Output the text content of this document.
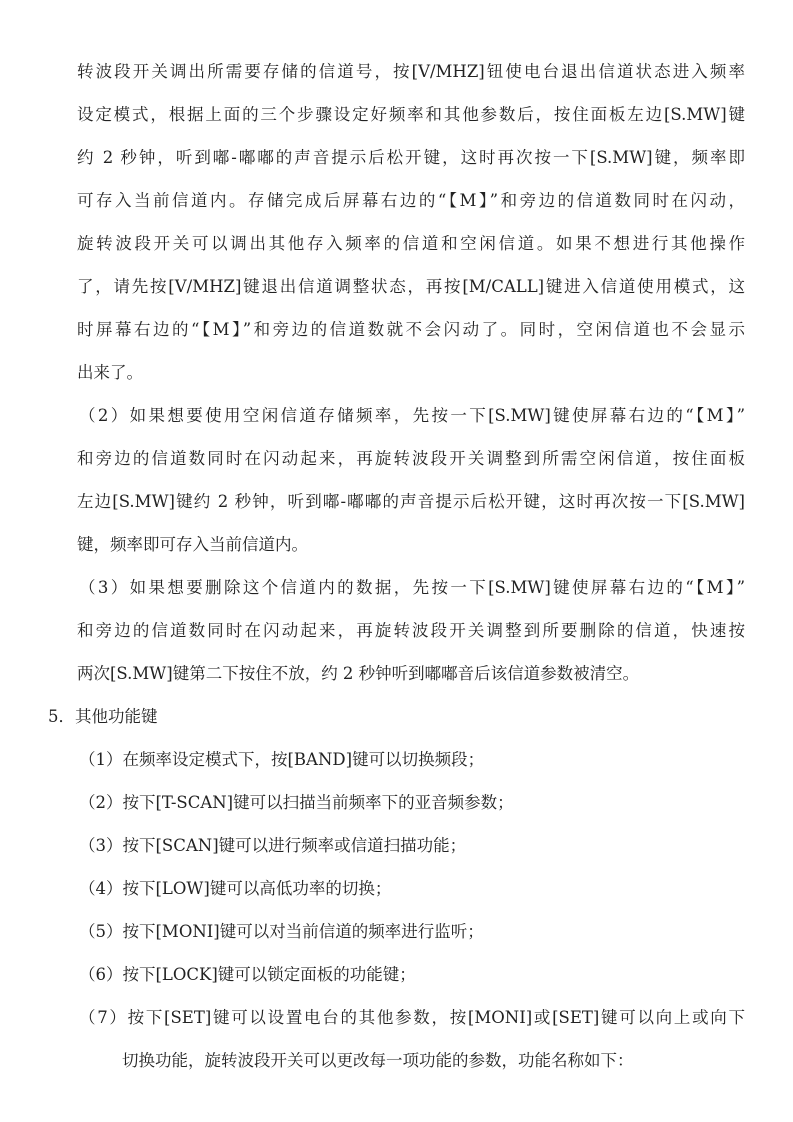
转波段开关调出所需要存储的信道号，按[V/MHZ]钮使电台退出信道状态进入频率
设定模式，根据上面的三个步骤设定好频率和其他参数后，按住面板左边[S.MW]键
约 2 秒钟，听到嘟-嘟嘟的声音提示后松开键，这时再次按一下[S.MW]键，频率即
可存入当前信道内。存储完成后屏幕右边的“【M】”和旁边的信道数同时在闪动，
旋转波段开关可以调出其他存入频率的信道和空闲信道。如果不想进行其他操作
了，请先按[V/MHZ]键退出信道调整状态，再按[M/CALL]键进入信道使用模式，这
时屏幕右边的“【M】”和旁边的信道数就不会闪动了。同时，空闲信道也不会显示
出来了。
（2）如果想要使用空闲信道存储频率，先按一下[S.MW]键使屏幕右边的“【M】”
和旁边的信道数同时在闪动起来，再旋转波段开关调整到所需空闲信道，按住面板
左边[S.MW]键约 2 秒钟，听到嘟-嘟嘟的声音提示后松开键，这时再次按一下[S.MW]
键，频率即可存入当前信道内。
（3）如果想要删除这个信道内的数据，先按一下[S.MW]键使屏幕右边的“【M】”
和旁边的信道数同时在闪动起来，再旋转波段开关调整到所要删除的信道，快速按
两次[S.MW]键第二下按住不放，约 2 秒钟听到嘟嘟音后该信道参数被清空。
5．其他功能键
（1）在频率设定模式下，按[BAND]键可以切换频段；
（2）按下[T-SCAN]键可以扫描当前频率下的亚音频参数；
（3）按下[SCAN]键可以进行频率或信道扫描功能；
（4）按下[LOW]键可以高低功率的切换；
（5）按下[MONI]键可以对当前信道的频率进行监听；
（6）按下[LOCK]键可以锁定面板的功能键；
（7）按下[SET]键可以设置电台的其他参数，按[MONI]或[SET]键可以向上或向下
切换功能，旋转波段开关可以更改每一项功能的参数，功能名称如下：
